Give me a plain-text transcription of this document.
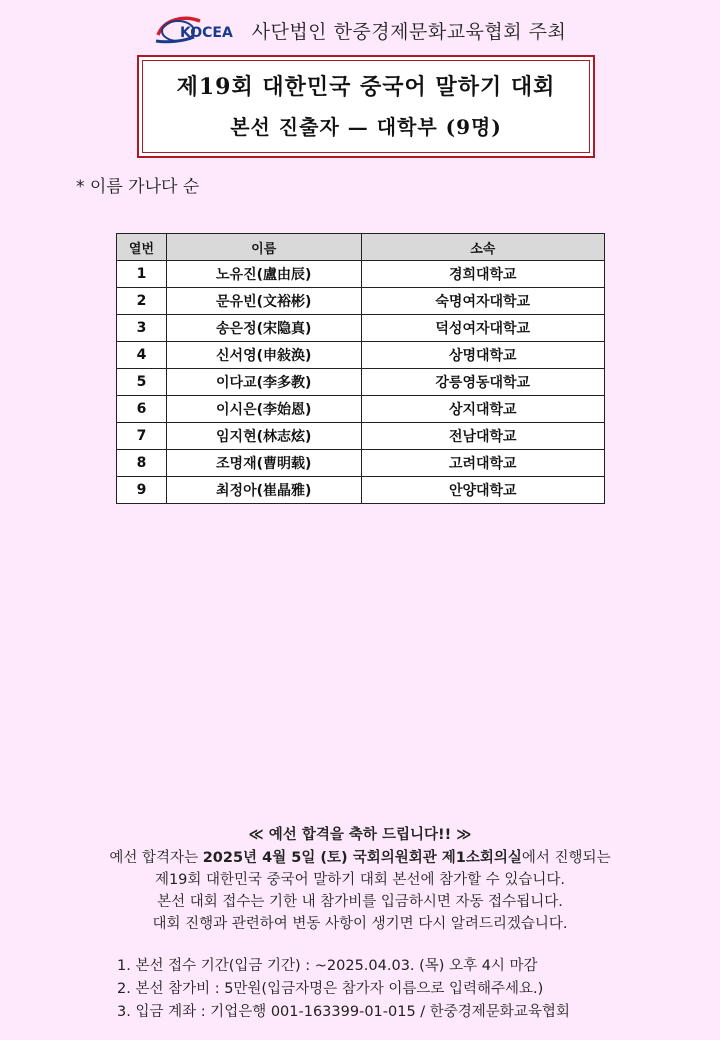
KOCEA 사단법인 한중경제문화교육협회 주최
제19회 대한민국 중국어 말하기 대회
본선 진출자 — 대학부 (9명)
* 이름 가나다 순
열번	이름	소속
1	노유진(盧由辰)	경희대학교
2	문유빈(文裕彬)	숙명여자대학교
3	송은정(宋隐真)	덕성여자대학교
4	신서영(申敍涣)	상명대학교
5	이다교(李多教)	강릉영동대학교
6	이시은(李始恩)	상지대학교
7	임지현(林志炫)	전남대학교
8	조명재(曹明载)	고려대학교
9	최정아(崔晶雅)	안양대학교
≪ 예선 합격을 축하 드립니다!! ≫

예선 합격자는 2025년 4월 5일 (토) 국회의원회관 제1소회의실에서 진행되는

제19회 대한민국 중국어 말하기 대회 본선에 참가할 수 있습니다.

본선 대회 접수는 기한 내 참가비를 입금하시면 자동 접수됩니다.

대회 진행과 관련하여 변동 사항이 생기면 다시 알려드리겠습니다.

1. 본선 접수 기간(입금 기간) : ~2025.04.03. (목) 오후 4시 마감
2. 본선 참가비 : 5만원(입금자명은 참가자 이름으로 입력해주세요.)
3. 입금 계좌 : 기업은행 001-163399-01-015 / 한중경제문화교육협회
